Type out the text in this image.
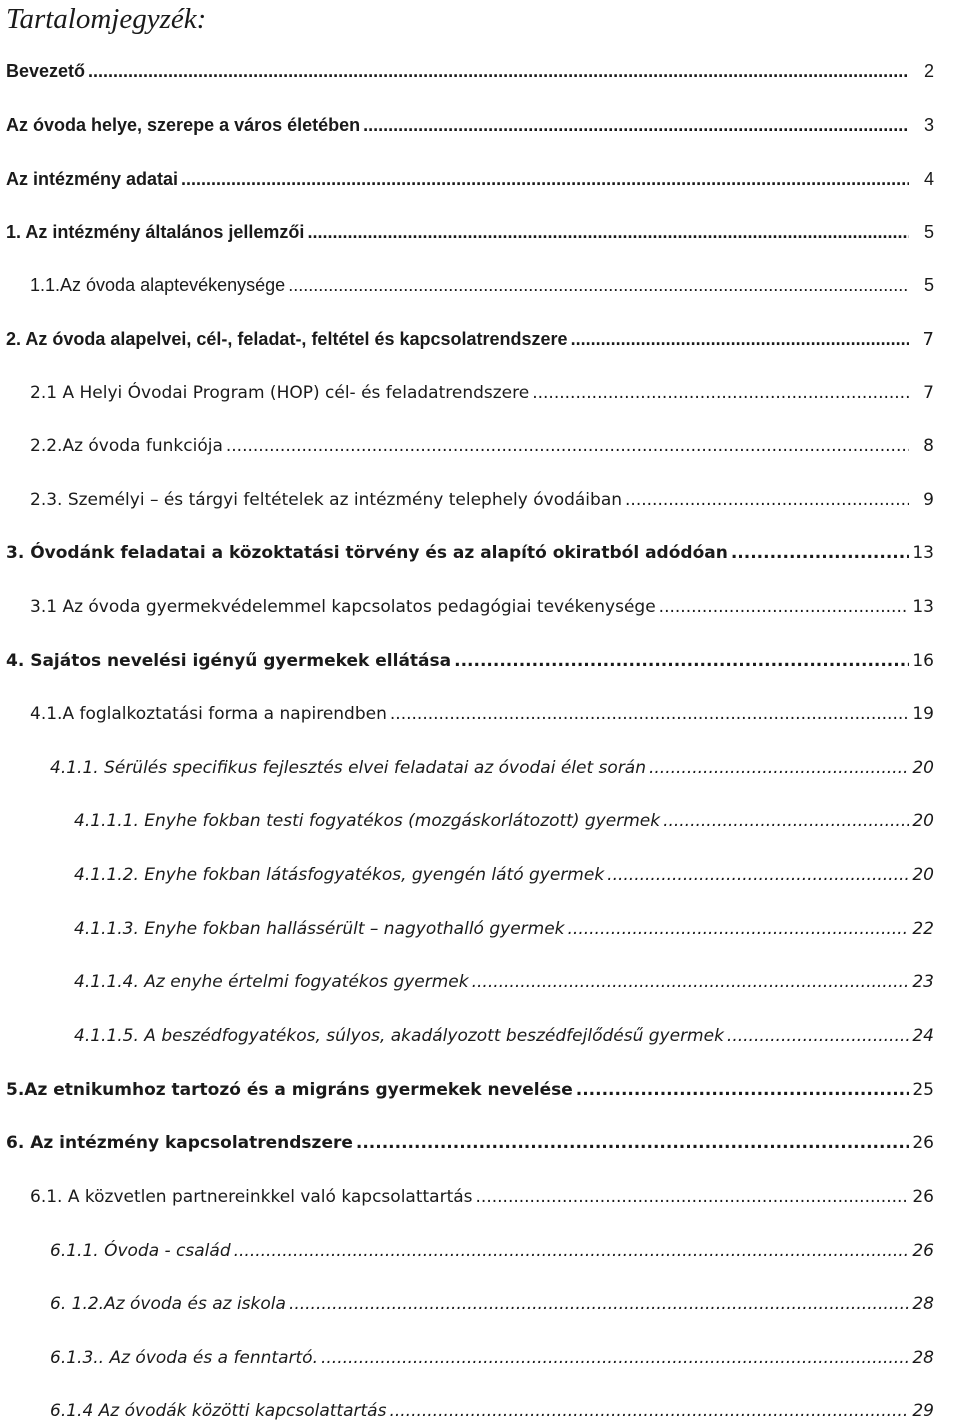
Tartalomjegyzék:
Bevezető .....	2
Az óvoda helye, szerepe a város életében .....	3
Az intézmény adatai .....	4
1. Az intézmény általános jellemzői .....	5
1.1.Az óvoda alaptevékenysége .....	5
2. Az óvoda alapelvei, cél-, feladat-, feltétel és kapcsolatrendszere .....	7
2.1 A Helyi Óvodai Program (HOP) cél- és feladatrendszere .....	7
2.2.Az óvoda funkciója .....	8
2.3. Személyi – és tárgyi feltételek az intézmény telephely óvodáiban .....	9
3. Óvodánk feladatai a közoktatási törvény és az alapító okiratból adódóan .....	13
3.1 Az óvoda gyermekvédelemmel kapcsolatos pedagógiai tevékenysége .....	13
4. Sajátos nevelési igényű gyermekek ellátása .....	16
4.1.A foglalkoztatási forma a napirendben .....	19
4.1.1. Sérülés specifikus fejlesztés elvei feladatai az óvodai élet során .....	20
4.1.1.1. Enyhe fokban testi fogyatékos (mozgáskorlátozott) gyermek .....	20
4.1.1.2. Enyhe fokban látásfogyatékos, gyengén látó gyermek .....	20
4.1.1.3. Enyhe fokban hallássérült – nagyothalló gyermek .....	22
4.1.1.4. Az enyhe értelmi fogyatékos gyermek .....	23
4.1.1.5. A beszédfogyatékos, súlyos, akadályozott beszédfejlődésű gyermek .....	24
5.Az etnikumhoz tartozó és a migráns gyermekek nevelése .....	25
6. Az intézmény kapcsolatrendszere .....	26
6.1. A közvetlen partnereinkkel való kapcsolattartás .....	26
6.1.1. Óvoda - család .....	26
6. 1.2.Az óvoda és az iskola .....	28
6.1.3.. Az óvoda és a fenntartó. .....	28
6.1.4 Az óvodák közötti kapcsolattartás .....	29
